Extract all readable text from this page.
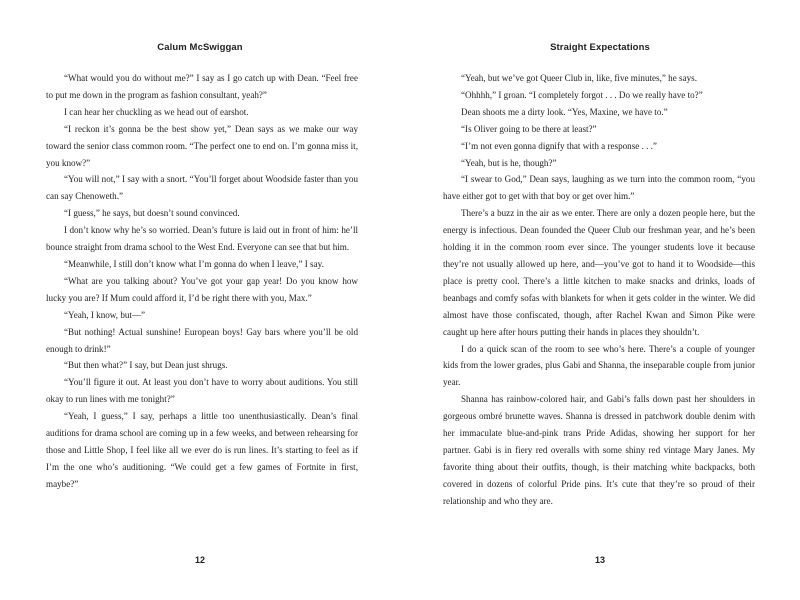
Calum McSwiggan

“What would you do without me?” I say as I go catch up with Dean. “Feel free to put me down in the program as fashion consultant, yeah?”

I can hear her chuckling as we head out of earshot.

“I reckon it’s gonna be the best show yet,” Dean says as we make our way toward the senior class common room. “The perfect one to end on. I’m gonna miss it, you know?”

“You will not,” I say with a snort. “You’ll forget about Woodside faster than you can say Chenoweth.”

“I guess,” he says, but doesn’t sound convinced.

I don’t know why he’s so worried. Dean’s future is laid out in front of him: he’ll bounce straight from drama school to the West End. Everyone can see that but him.

“Meanwhile, I still don’t know what I’m gonna do when I leave,” I say.

“What are you talking about? You’ve got your gap year! Do you know how lucky you are? If Mum could afford it, I’d be right there with you, Max.”

“Yeah, I know, but—”

“But nothing! Actual sunshine! European boys! Gay bars where you’ll be old enough to drink!”

“But then what?” I say, but Dean just shrugs.

“You’ll figure it out. At least you don’t have to worry about auditions. You still okay to run lines with me tonight?”

“Yeah, I guess,” I say, perhaps a little too unenthusiastically. Dean’s final auditions for drama school are coming up in a few weeks, and between rehearsing for those and Little Shop, I feel like all we ever do is run lines. It’s starting to feel as if I’m the one who’s auditioning. “We could get a few games of Fortnite in first, maybe?”

12
Straight Expectations

“Yeah, but we’ve got Queer Club in, like, five minutes,” he says.

“Ohhhh,” I groan. “I completely forgot . . . Do we really have to?”

Dean shoots me a dirty look. “Yes, Maxine, we have to.”

“Is Oliver going to be there at least?”

“I’m not even gonna dignify that with a response . . .”

“Yeah, but is he, though?”

“I swear to God,” Dean says, laughing as we turn into the common room, “you have either got to get with that boy or get over him.”

There’s a buzz in the air as we enter. There are only a dozen people here, but the energy is infectious. Dean founded the Queer Club our freshman year, and he’s been holding it in the common room ever since. The younger students love it because they’re not usually allowed up here, and—you’ve got to hand it to Woodside—this place is pretty cool. There’s a little kitchen to make snacks and drinks, loads of beanbags and comfy sofas with blankets for when it gets colder in the winter. We did almost have those confiscated, though, after Rachel Kwan and Simon Pike were caught up here after hours putting their hands in places they shouldn’t.

I do a quick scan of the room to see who’s here. There’s a couple of younger kids from the lower grades, plus Gabi and Shanna, the inseparable couple from junior year.

Shanna has rainbow-colored hair, and Gabi’s falls down past her shoulders in gorgeous ombré brunette waves. Shanna is dressed in patchwork double denim with her immaculate blue-and-pink trans Pride Adidas, showing her support for her partner. Gabi is in fiery red overalls with some shiny red vintage Mary Janes. My favorite thing about their outfits, though, is their matching white backpacks, both covered in dozens of colorful Pride pins. It’s cute that they’re so proud of their relationship and who they are.

13
